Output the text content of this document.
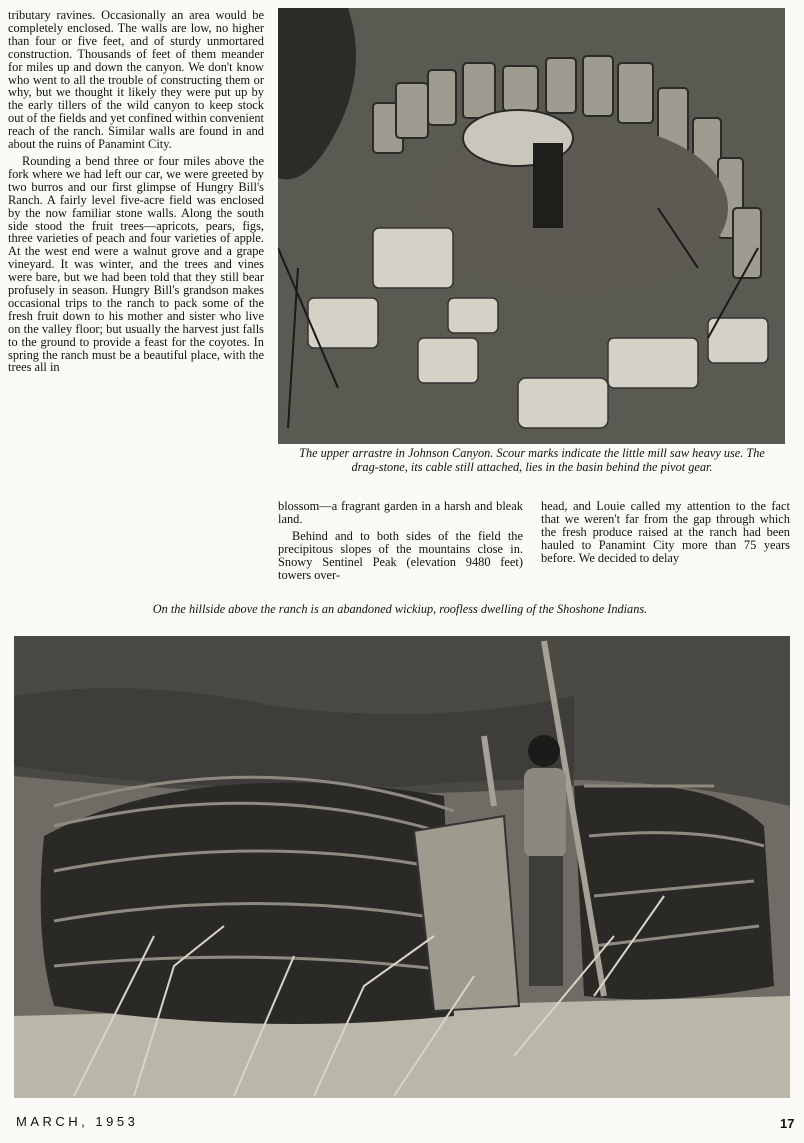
tributary ravines. Occasionally an area would be completely enclosed. The walls are low, no higher than four or five feet, and of sturdy unmortared construction. Thousands of feet of them meander for miles up and down the canyon. We don't know who went to all the trouble of constructing them or why, but we thought it likely they were put up by the early tillers of the wild canyon to keep stock out of the fields and yet confined within convenient reach of the ranch. Similar walls are found in and about the ruins of Panamint City.

Rounding a bend three or four miles above the fork where we had left our car, we were greeted by two burros and our first glimpse of Hungry Bill's Ranch. A fairly level five-acre field was enclosed by the now familiar stone walls. Along the south side stood the fruit trees—apricots, pears, figs, three varieties of peach and four varieties of apple. At the west end were a walnut grove and a grape vineyard. It was winter, and the trees and vines were bare, but we had been told that they still bear profusely in season. Hungry Bill's grandson makes occasional trips to the ranch to pack some of the fresh fruit down to his mother and sister who live on the valley floor; but usually the harvest just falls to the ground to provide a feast for the coyotes. In spring the ranch must be a beautiful place, with the trees all in

The upper arrastre in Johnson Canyon. Scour marks indicate the little mill saw heavy use. The drag-stone, its cable still attached, lies in the basin behind the pivot gear.

blossom—a fragrant garden in a harsh and bleak land.

Behind and to both sides of the field the precipitous slopes of the mountains close in. Snowy Sentinel Peak (elevation 9480 feet) towers over-

head, and Louie called my attention to the fact that we weren't far from the gap through which the fresh produce raised at the ranch had been hauled to Panamint City more than 75 years before. We decided to delay

On the hillside above the ranch is an abandoned wickiup, roofless dwelling of the Shoshone Indians.
MARCH, 1953	17
